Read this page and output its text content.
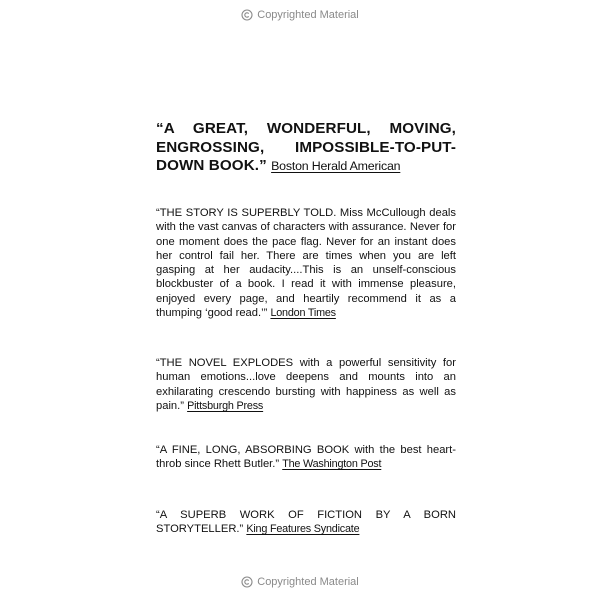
Copyrighted Material

“A GREAT, WONDERFUL, MOVING, ENGROSSING, IMPOSSIBLE-TO-PUT-DOWN BOOK.” Boston Herald American

“THE STORY IS SUPERBLY TOLD. Miss McCullough deals with the vast canvas of characters with assurance. Never for one moment does the pace flag. Never for an instant does her control fail her. There are times when you are left gasping at her audacity....This is an unself-conscious blockbuster of a book. I read it with immense pleasure, enjoyed every page, and heartily recommend it as a thumping ‘good read.’” London Times

“THE NOVEL EXPLODES with a powerful sensitivity for human emotions...love deepens and mounts into an exhilarating crescendo bursting with happiness as well as pain.” Pittsburgh Press

“A FINE, LONG, ABSORBING BOOK with the best heart-throb since Rhett Butler.” The Washington Post

“A SUPERB WORK OF FICTION BY A BORN STORYTELLER.” King Features Syndicate

Copyrighted Material
